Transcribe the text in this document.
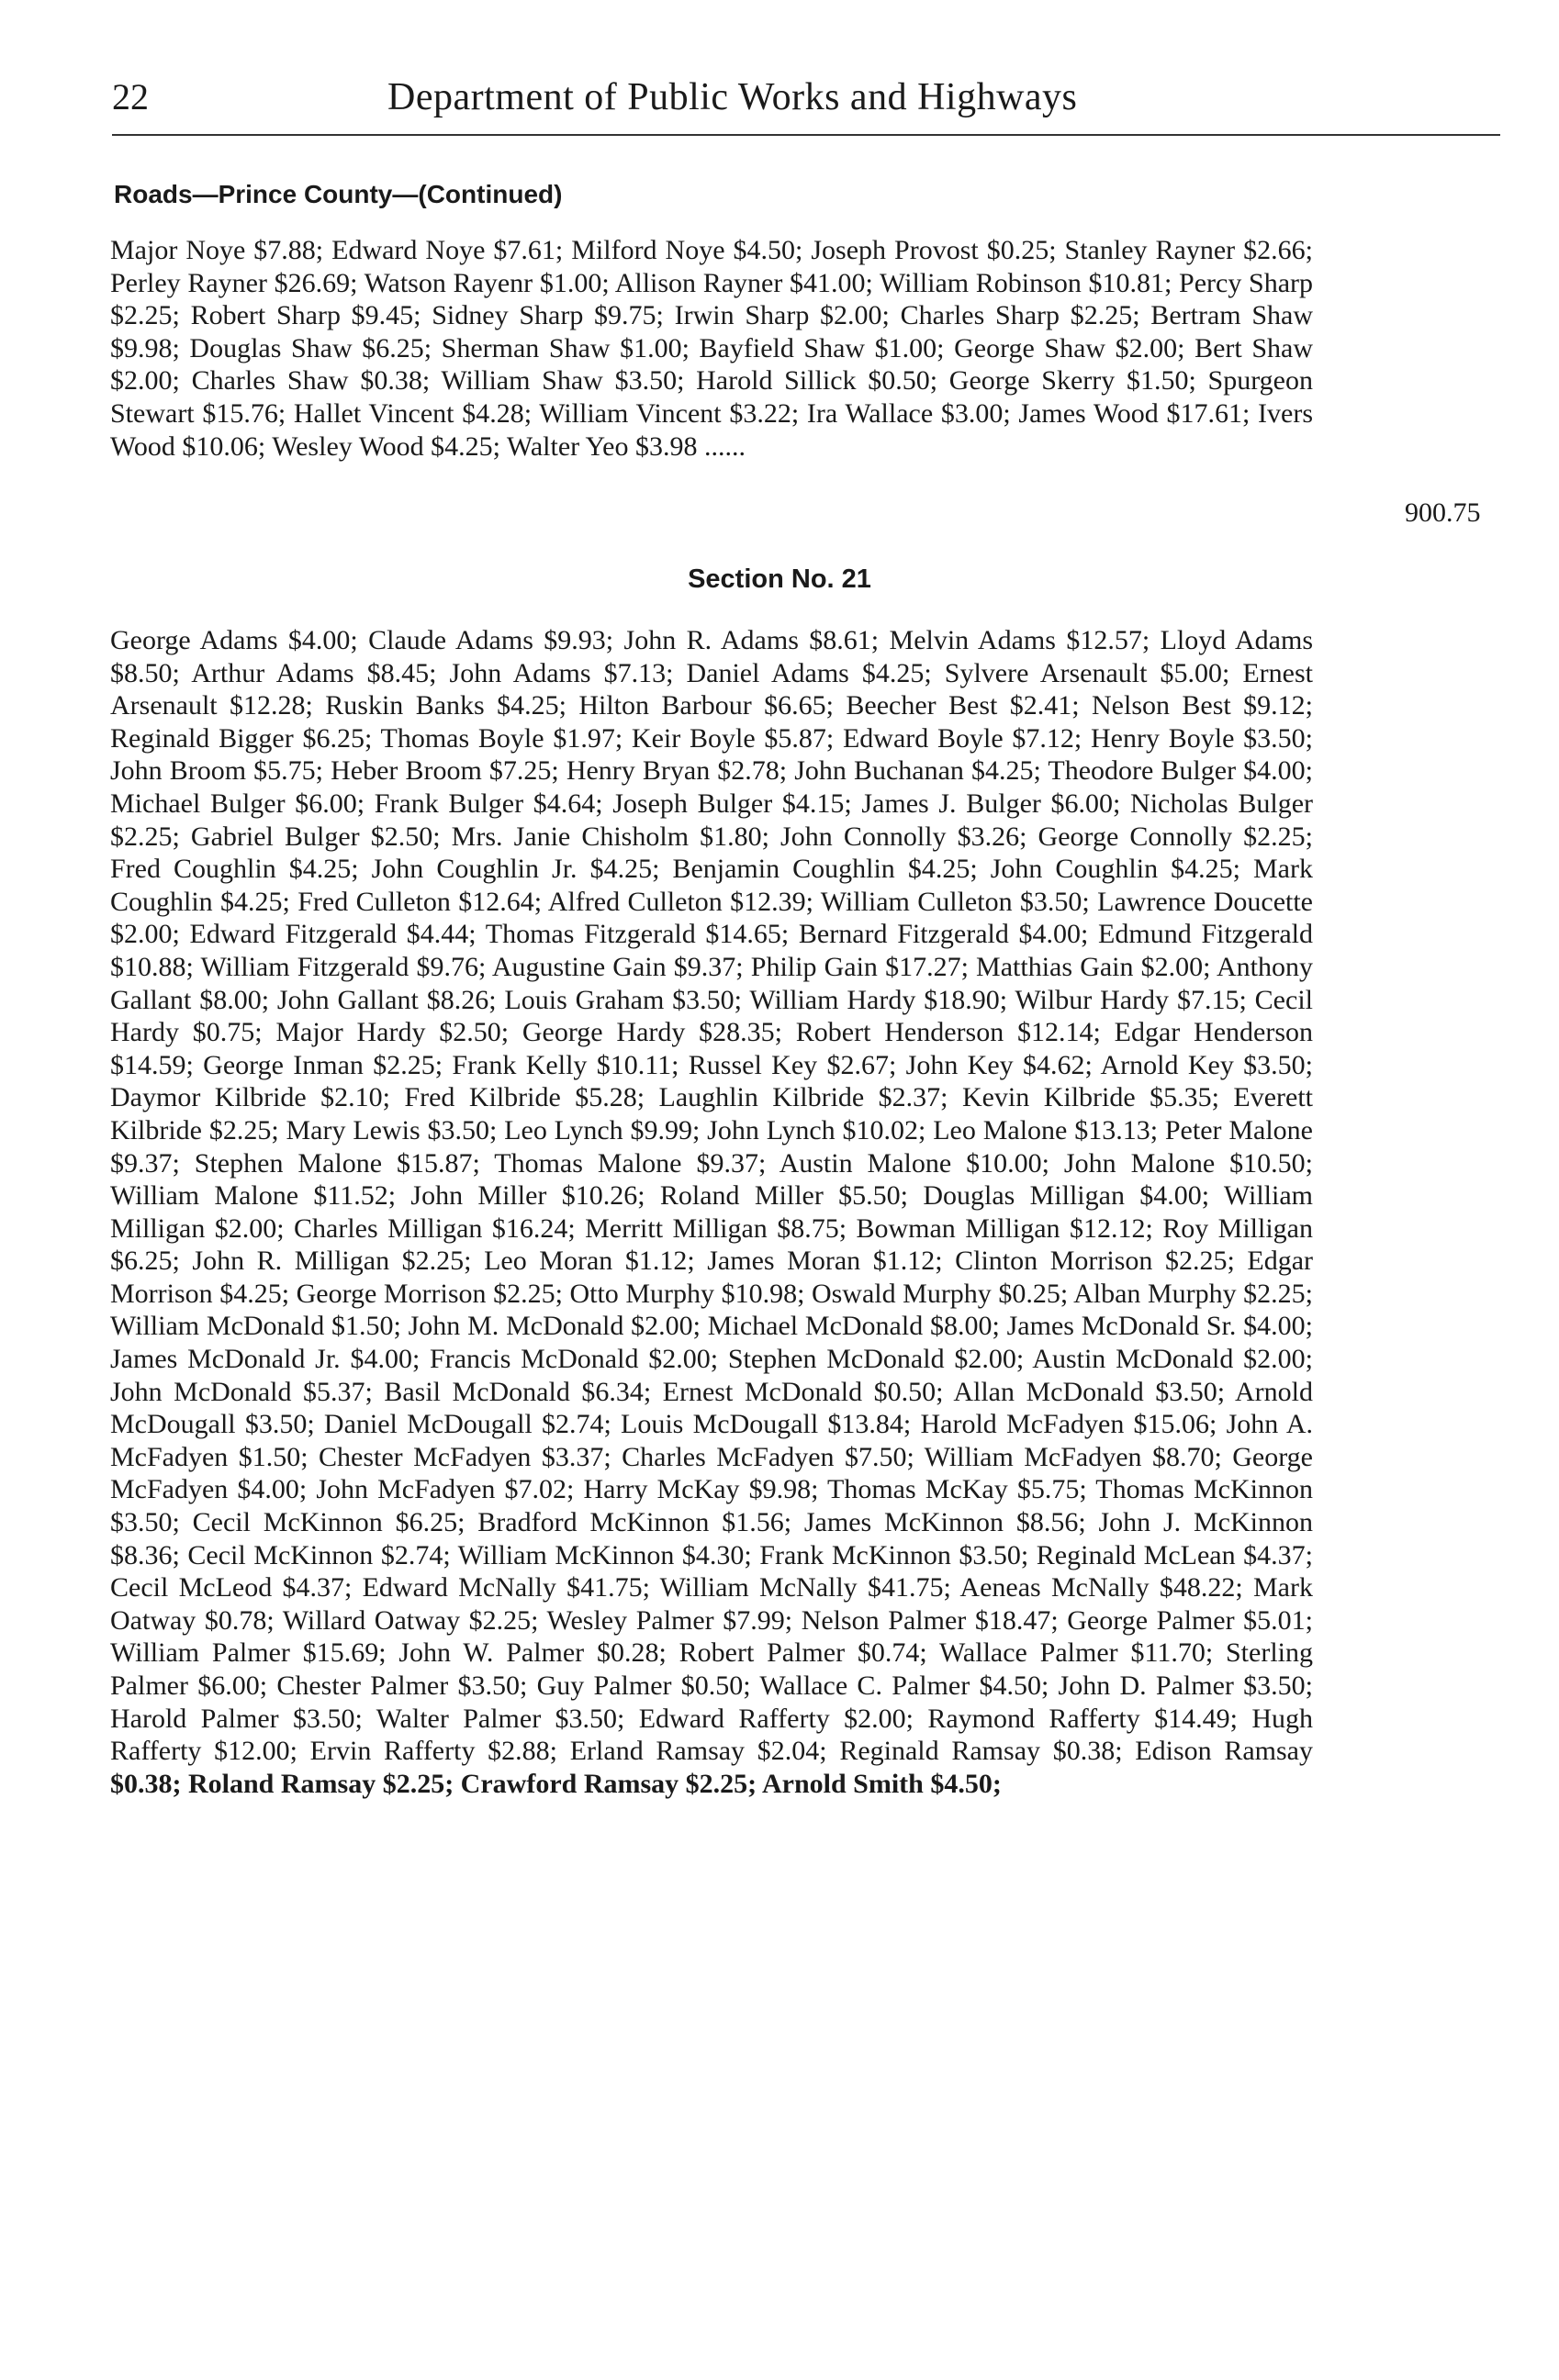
22	Department of Public Works and Highways
Roads—Prince County—(Continued)
Major Noye $7.88; Edward Noye $7.61; Milford Noye $4.50; Joseph Provost $0.25; Stanley Rayner $2.66; Perley Rayner $26.69; Watson Rayenr $1.00; Allison Rayner $41.00; William Robinson $10.81; Percy Sharp $2.25; Robert Sharp $9.45; Sidney Sharp $9.75; Irwin Sharp $2.00; Charles Sharp $2.25; Bertram Shaw $9.98; Douglas Shaw $6.25; Sherman Shaw $1.00; Bayfield Shaw $1.00; George Shaw $2.00; Bert Shaw $2.00; Charles Shaw $0.38; William Shaw $3.50; Harold Sillick $0.50; George Skerry $1.50; Spurgeon Stewart $15.76; Hallet Vincent $4.28; William Vincent $3.22; Ira Wallace $3.00; James Wood $17.61; Ivers Wood $10.06; Wesley Wood $4.25; Walter Yeo $3.98 ......
900.75
Section No. 21
George Adams $4.00; Claude Adams $9.93; John R. Adams $8.61; Melvin Adams $12.57; Lloyd Adams $8.50; Arthur Adams $8.45; John Adams $7.13; Daniel Adams $4.25; Sylvere Arsenault $5.00; Ernest Arsenault $12.28; Ruskin Banks $4.25; Hilton Barbour $6.65; Beecher Best $2.41; Nelson Best $9.12; Reginald Bigger $6.25; Thomas Boyle $1.97; Keir Boyle $5.87; Edward Boyle $7.12; Henry Boyle $3.50; John Broom $5.75; Heber Broom $7.25; Henry Bryan $2.78; John Buchanan $4.25; Theodore Bulger $4.00; Michael Bulger $6.00; Frank Bulger $4.64; Joseph Bulger $4.15; James J. Bulger $6.00; Nicholas Bulger $2.25; Gabriel Bulger $2.50; Mrs. Janie Chisholm $1.80; John Connolly $3.26; George Connolly $2.25; Fred Coughlin $4.25; John Coughlin Jr. $4.25; Benjamin Coughlin $4.25; John Coughlin $4.25; Mark Coughlin $4.25; Fred Culleton $12.64; Alfred Culleton $12.39; William Culleton $3.50; Lawrence Doucette $2.00; Edward Fitzgerald $4.44; Thomas Fitzgerald $14.65; Bernard Fitzgerald $4.00; Edmund Fitzgerald $10.88; William Fitzgerald $9.76; Augustine Gain $9.37; Philip Gain $17.27; Matthias Gain $2.00; Anthony Gallant $8.00; John Gallant $8.26; Louis Graham $3.50; William Hardy $18.90; Wilbur Hardy $7.15; Cecil Hardy $0.75; Major Hardy $2.50; George Hardy $28.35; Robert Henderson $12.14; Edgar Henderson $14.59; George Inman $2.25; Frank Kelly $10.11; Russel Key $2.67; John Key $4.62; Arnold Key $3.50; Daymor Kilbride $2.10; Fred Kilbride $5.28; Laughlin Kilbride $2.37; Kevin Kilbride $5.35; Everett Kilbride $2.25; Mary Lewis $3.50; Leo Lynch $9.99; John Lynch $10.02; Leo Malone $13.13; Peter Malone $9.37; Stephen Malone $15.87; Thomas Malone $9.37; Austin Malone $10.00; John Malone $10.50; William Malone $11.52; John Miller $10.26; Roland Miller $5.50; Douglas Milligan $4.00; William Milligan $2.00; Charles Milligan $16.24; Merritt Milligan $8.75; Bowman Milligan $12.12; Roy Milligan $6.25; John R. Milligan $2.25; Leo Moran $1.12; James Moran $1.12; Clinton Morrison $2.25; Edgar Morrison $4.25; George Morrison $2.25; Otto Murphy $10.98; Oswald Murphy $0.25; Alban Murphy $2.25; William McDonald $1.50; John M. McDonald $2.00; Michael McDonald $8.00; James McDonald Sr. $4.00; James McDonald Jr. $4.00; Francis McDonald $2.00; Stephen McDonald $2.00; Austin McDonald $2.00; John McDonald $5.37; Basil McDonald $6.34; Ernest McDonald $0.50; Allan McDonald $3.50; Arnold McDougall $3.50; Daniel McDougall $2.74; Louis McDougall $13.84; Harold McFadyen $15.06; John A. McFadyen $1.50; Chester McFadyen $3.37; Charles McFadyen $7.50; William McFadyen $8.70; George McFadyen $4.00; John McFadyen $7.02; Harry McKay $9.98; Thomas McKay $5.75; Thomas McKinnon $3.50; Cecil McKinnon $6.25; Bradford McKinnon $1.56; James McKinnon $8.56; John J. McKinnon $8.36; Cecil McKinnon $2.74; William McKinnon $4.30; Frank McKinnon $3.50; Reginald McLean $4.37; Cecil McLeod $4.37; Edward McNally $41.75; William McNally $41.75; Aeneas McNally $48.22; Mark Oatway $0.78; Willard Oatway $2.25; Wesley Palmer $7.99; Nelson Palmer $18.47; George Palmer $5.01; William Palmer $15.69; John W. Palmer $0.28; Robert Palmer $0.74; Wallace Palmer $11.70; Sterling Palmer $6.00; Chester Palmer $3.50; Guy Palmer $0.50; Wallace C. Palmer $4.50; John D. Palmer $3.50; Harold Palmer $3.50; Walter Palmer $3.50; Edward Rafferty $2.00; Raymond Rafferty $14.49; Hugh Rafferty $12.00; Ervin Rafferty $2.88; Erland Ramsay $2.04; Reginald Ramsay $0.38; Edison Ramsay $0.38; Roland Ramsay $2.25; Crawford Ramsay $2.25; Arnold Smith $4.50;
